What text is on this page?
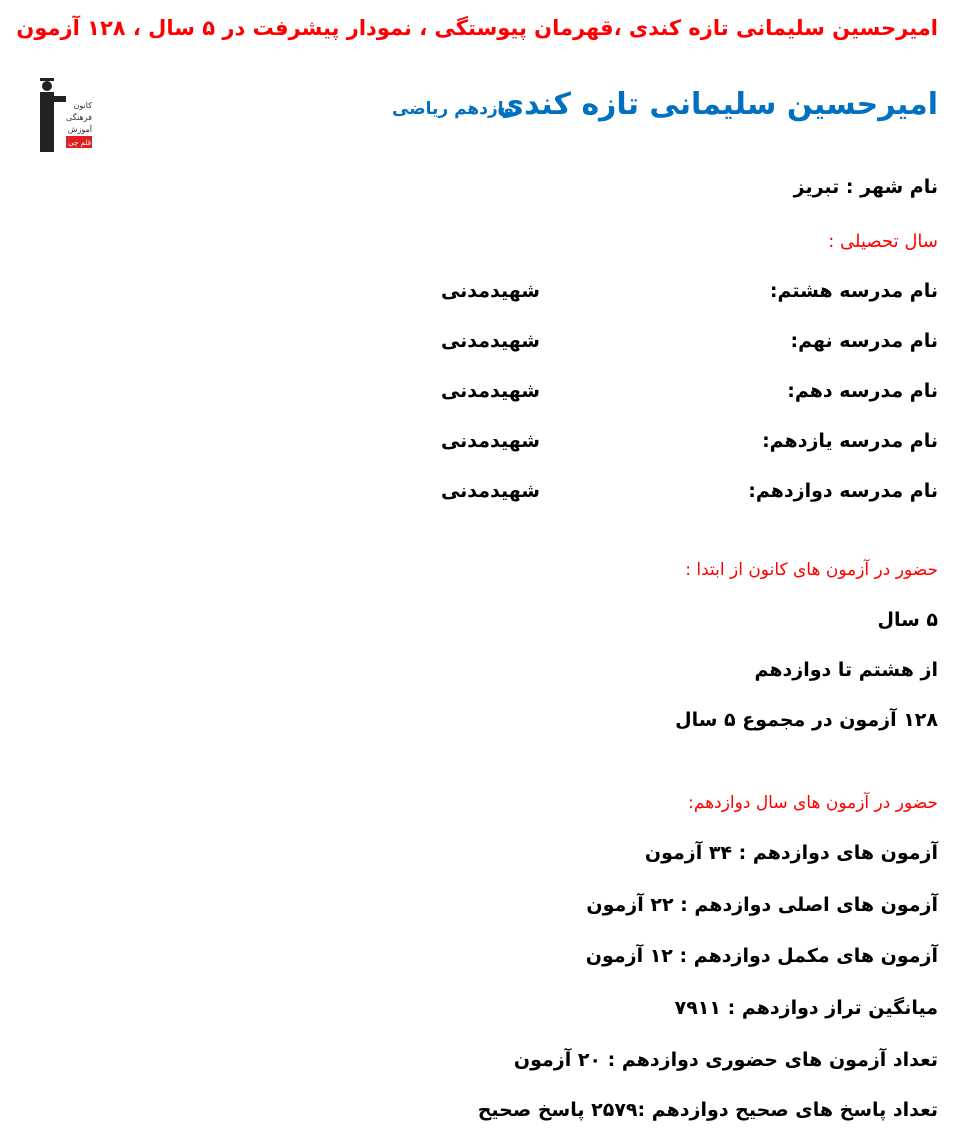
امیرحسین سلیمانی تازه کندی ،قهرمان پیوستگی ، نمودار پیشرفت در ۵ سال ، ۱۲۸ آزمون
کانون
فرهنگی
آموزش
قلم چی
امیرحسین سلیمانی تازه کندی
دوازدهم ریاضی
نام شهر : تبریز
سال تحصیلی :
نام مدرسه هشتم:
شهیدمدنی
نام مدرسه نهم:
شهیدمدنی
نام مدرسه دهم:
شهیدمدنی
نام مدرسه یازدهم:
شهیدمدنی
نام مدرسه دوازدهم:
شهیدمدنی
حضور در آزمون های کانون از ابتدا :
۵ سال
از هشتم تا دوازدهم
۱۲۸ آزمون در مجموع ۵ سال
حضور در آزمون های سال دوازدهم:
آزمون های دوازدهم : ۳۴ آزمون
آزمون های اصلی دوازدهم : ۲۲ آزمون
آزمون های مکمل دوازدهم : ۱۲ آزمون
میانگین تراز دوازدهم : ۷۹۱۱
تعداد آزمون های حضوری دوازدهم : ۲۰ آزمون
تعداد پاسخ های صحیح دوازدهم :۲۵۷۹ پاسخ صحیح
